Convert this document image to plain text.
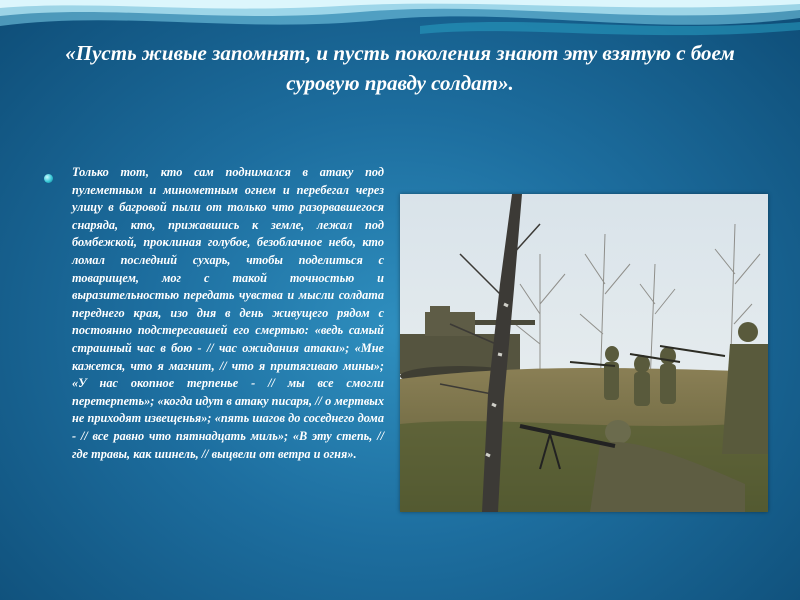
«Пусть живые запомнят, и пусть поколения знают эту взятую с боем суровую правду солдат».
Только тот, кто сам поднимался в атаку под пулеметным и минометным огнем и перебегал через улицу в багровой пыли от только что разорвавшегося снаряда, кто, прижавшись к земле, лежал под бомбежкой, проклиная голубое, безоблачное небо, кто ломал последний сухарь, чтобы поделиться с товарищем, мог с такой точностью и выразительностью передать чувства и мысли солдата переднего края, изо дня в день живущего рядом с постоянно подстерегавшей его смертью: «ведь самый страшный час в бою - // час ожидания атаки»; «Мне кажется, что я магнит, // что я притягиваю мины»; «У нас окопное терпенье - // мы все смогли перетерпеть»; «когда идут в атаку писаря, // о мертвых не приходят извещенья»; «пять шагов до соседнего дома - // все равно что пятнадцать миль»; «В эту степь, // где травы, как шинель, // выцвели от ветра и огня».
